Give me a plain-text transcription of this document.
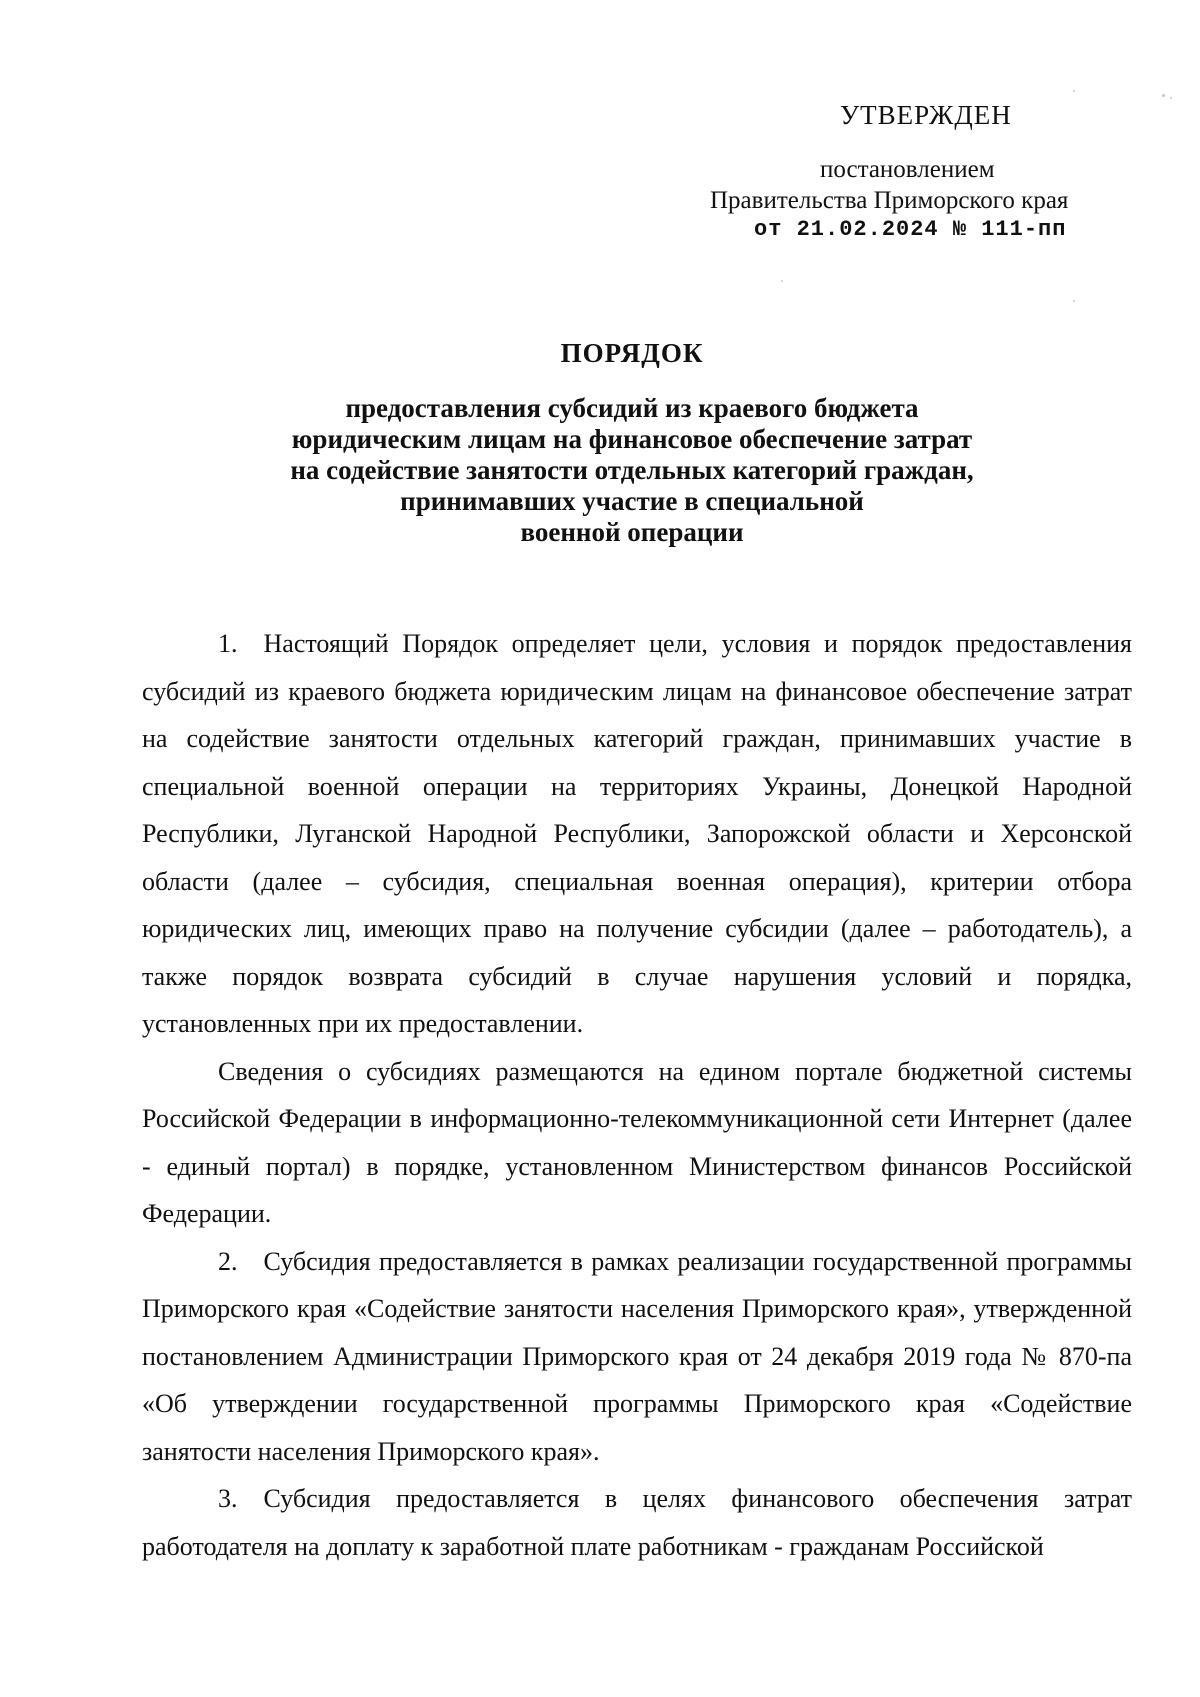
УТВЕРЖДЕН
постановлением
Правительства Приморского края
от 21.02.2024 № 111-пп
ПОРЯДОК
предоставления субсидий из краевого бюджета
юридическим лицам на финансовое обеспечение затрат
на содействие занятости отдельных категорий граждан,
принимавших участие в специальной
военной операции

1. Настоящий Порядок определяет цели, условия и порядок предоставления субсидий из краевого бюджета юридическим лицам на финансовое обеспечение затрат на содействие занятости отдельных категорий граждан, принимавших участие в специальной военной операции на территориях Украины, Донецкой Народной Республики, Луганской Народной Республики, Запорожской области и Херсонской области (далее – субсидия, специальная военная операция), критерии отбора юридических лиц, имеющих право на получение субсидии (далее – работодатель), а также порядок возврата субсидий в случае нарушения условий и порядка, установленных при их предоставлении.

Сведения о субсидиях размещаются на едином портале бюджетной системы Российской Федерации в информационно-телекоммуникационной сети Интернет (далее - единый портал) в порядке, установленном Министерством финансов Российской Федерации.

2. Субсидия предоставляется в рамках реализации государственной программы Приморского края «Содействие занятости населения Приморского края», утвержденной постановлением Администрации Приморского края от 24 декабря 2019 года № 870-па «Об утверждении государственной программы Приморского края «Содействие занятости населения Приморского края».

3. Субсидия предоставляется в целях финансового обеспечения затрат работодателя на доплату к заработной плате работникам - гражданам Российской
